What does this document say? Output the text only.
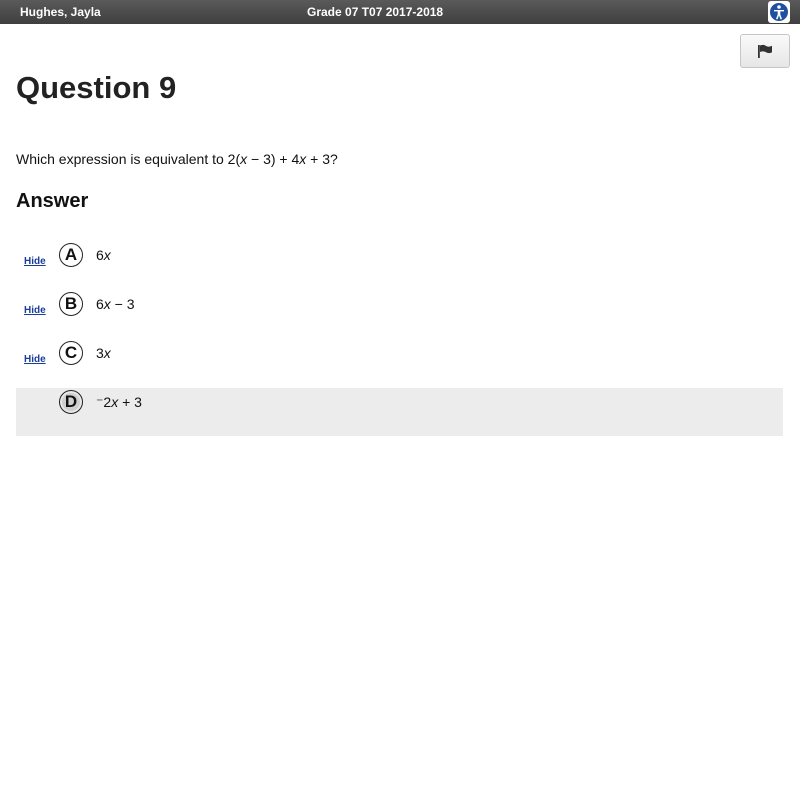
Hughes, Jayla	Grade 07 T07 2017-2018
Question 9
Which expression is equivalent to 2(x − 3) + 4x + 3?
Answer
Hide	A	6x
Hide	B	6x − 3
Hide	C	3x
D	⁻2x + 3
